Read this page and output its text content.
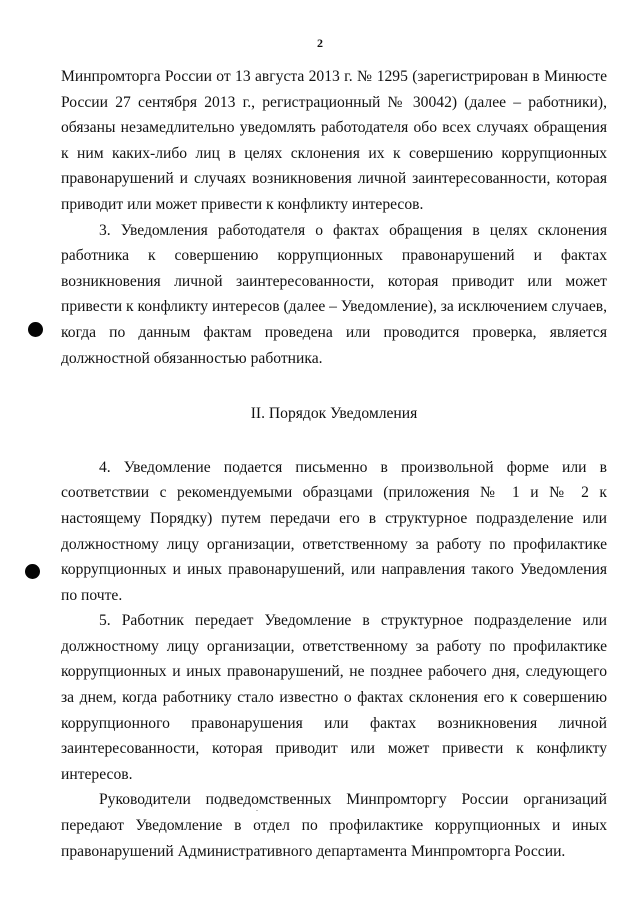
2

Минпромторга России от 13 августа 2013 г. № 1295 (зарегистрирован в Минюсте России 27 сентября 2013 г., регистрационный № 30042) (далее – работники), обязаны незамедлительно уведомлять работодателя обо всех случаях обращения к ним каких-либо лиц в целях склонения их к совершению коррупционных правонарушений и случаях возникновения личной заинтересованности, которая приводит или может привести к конфликту интересов.

3. Уведомления работодателя о фактах обращения в целях склонения работника к совершению коррупционных правонарушений и фактах возникновения личной заинтересованности, которая приводит или может привести к конфликту интересов (далее – Уведомление), за исключением случаев, когда по данным фактам проведена или проводится проверка, является должностной обязанностью работника.

II. Порядок Уведомления

4. Уведомление подается письменно в произвольной форме или в соответствии с рекомендуемыми образцами (приложения № 1 и № 2 к настоящему Порядку) путем передачи его в структурное подразделение или должностному лицу организации, ответственному за работу по профилактике коррупционных и иных правонарушений, или направления такого Уведомления по почте.

5. Работник передает Уведомление в структурное подразделение или должностному лицу организации, ответственному за работу по профилактике коррупционных и иных правонарушений, не позднее рабочего дня, следующего за днем, когда работнику стало известно о фактах склонения его к совершению коррупционного правонарушения или фактах возникновения личной заинтересованности, которая приводит или может привести к конфликту интересов.

Руководители подведомственных Минпромторгу России организаций передают Уведомление в отдел по профилактике коррупционных и иных правонарушений Административного департамента Минпромторга России.
